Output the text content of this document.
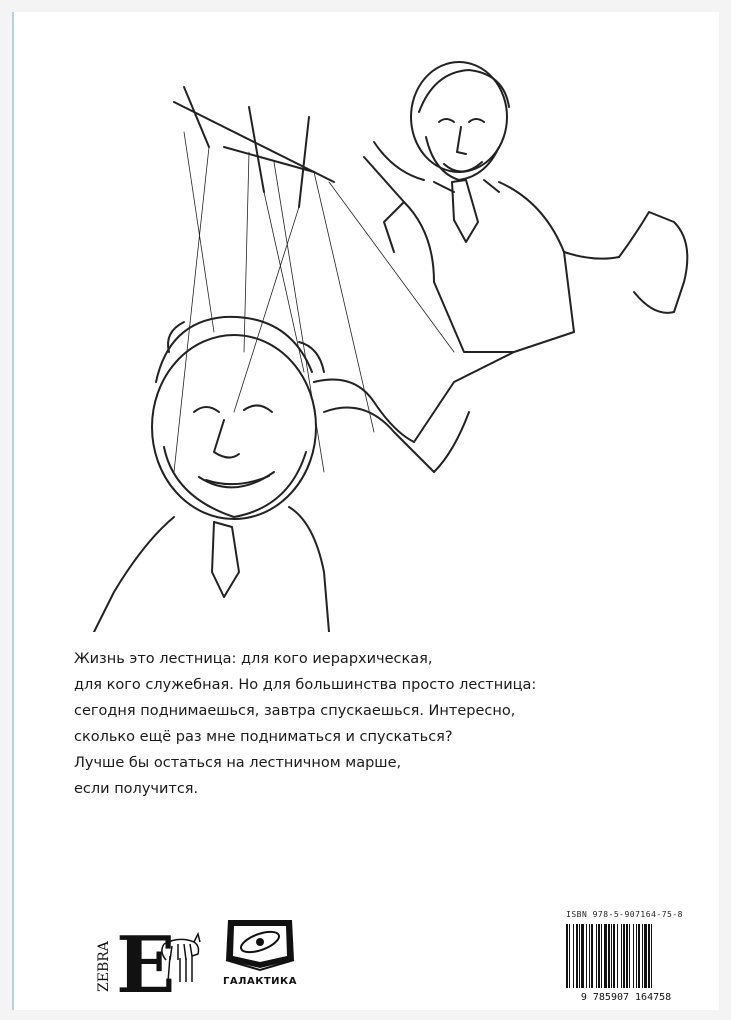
Жизнь это лестница: для кого иерархическая,

для кого служебная. Но для большинства просто лестница:

сегодня поднимаешься, завтра спускаешься. Интересно,

сколько ещё раз мне подниматься и спускаться?

Лучше бы остаться на лестничном марше,

если получится.

ZEBRA E	ГАЛАКТИКА
ISBN 978-5-907164-75-8
9 785907 164758
